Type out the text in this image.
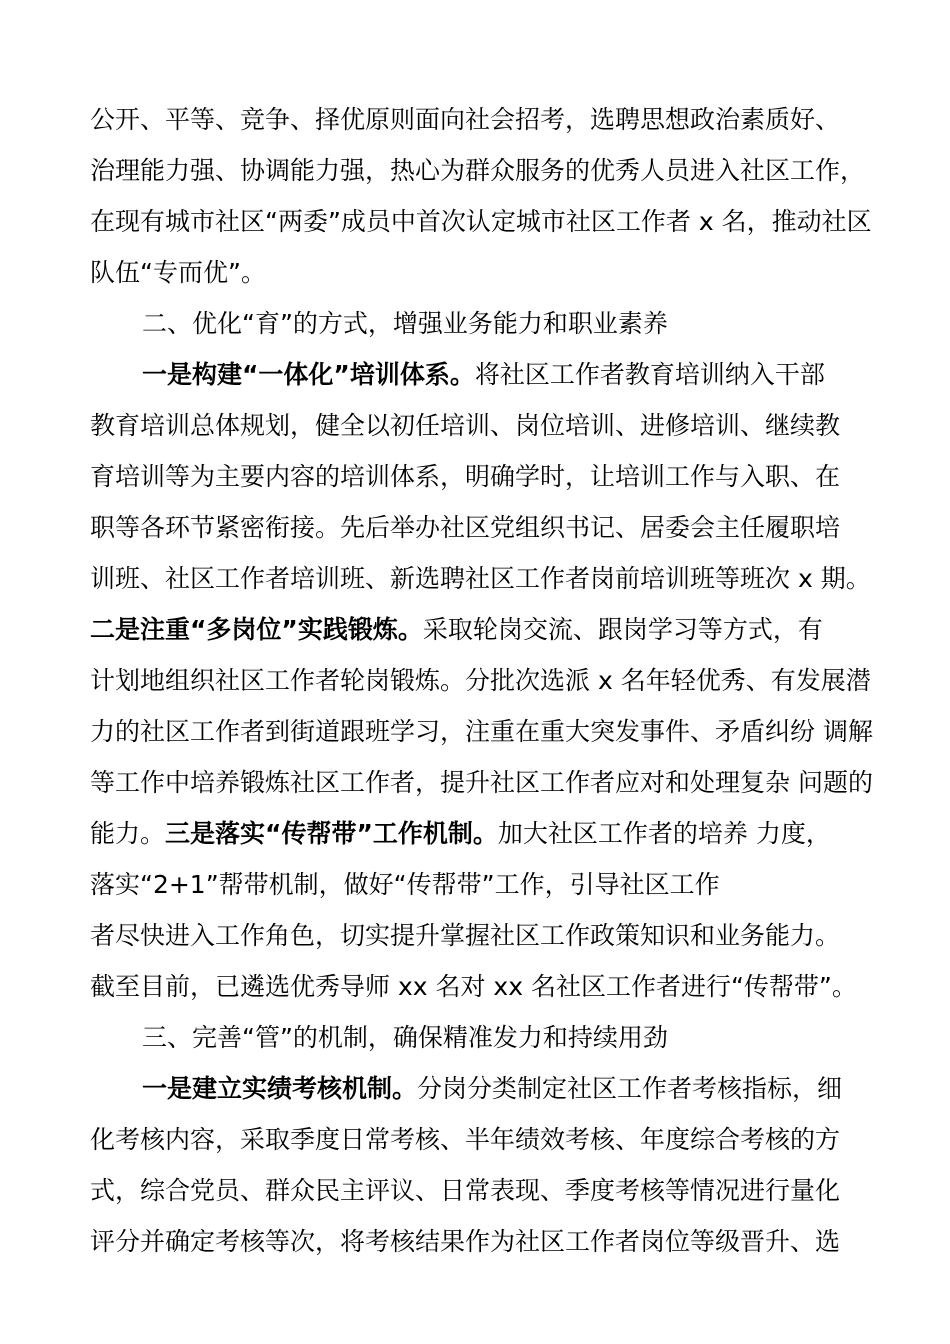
公开、平等、竞争、择优原则面向社会招考，选聘思想政治素质好、
治理能力强、协调能力强，热心为群众服务的优秀人员进入社区工作，
在现有城市社区“两委”成员中首次认定城市社区工作者 x 名，推动社区
队伍“专而优”。
二、优化“育”的方式，增强业务能力和职业素养
一是构建“一体化”培训体系。将社区工作者教育培训纳入干部
教育培训总体规划，健全以初任培训、岗位培训、进修培训、继续教
育培训等为主要内容的培训体系，明确学时，让培训工作与入职、在
职等各环节紧密衔接。先后举办社区党组织书记、居委会主任履职培
训班、社区工作者培训班、新选聘社区工作者岗前培训班等班次 x 期。
二是注重“多岗位”实践锻炼。采取轮岗交流、跟岗学习等方式，有
计划地组织社区工作者轮岗锻炼。分批次选派 x 名年轻优秀、有发展潜
力的社区工作者到街道跟班学习，注重在重大突发事件、矛盾纠纷 调解
等工作中培养锻炼社区工作者，提升社区工作者应对和处理复杂 问题的
能力。三是落实“传帮带”工作机制。加大社区工作者的培养 力度，
落实“2+1”帮带机制，做好“传帮带”工作，引导社区工作
者尽快进入工作角色，切实提升掌握社区工作政策知识和业务能力。
截至目前，已遴选优秀导师 xx 名对 xx 名社区工作者进行“传帮带”。
三、完善“管”的机制，确保精准发力和持续用劲
一是建立实绩考核机制。分岗分类制定社区工作者考核指标，细
化考核内容，采取季度日常考核、半年绩效考核、年度综合考核的方
式，综合党员、群众民主评议、日常表现、季度考核等情况进行量化
评分并确定考核等次，将考核结果作为社区工作者岗位等级晋升、选
